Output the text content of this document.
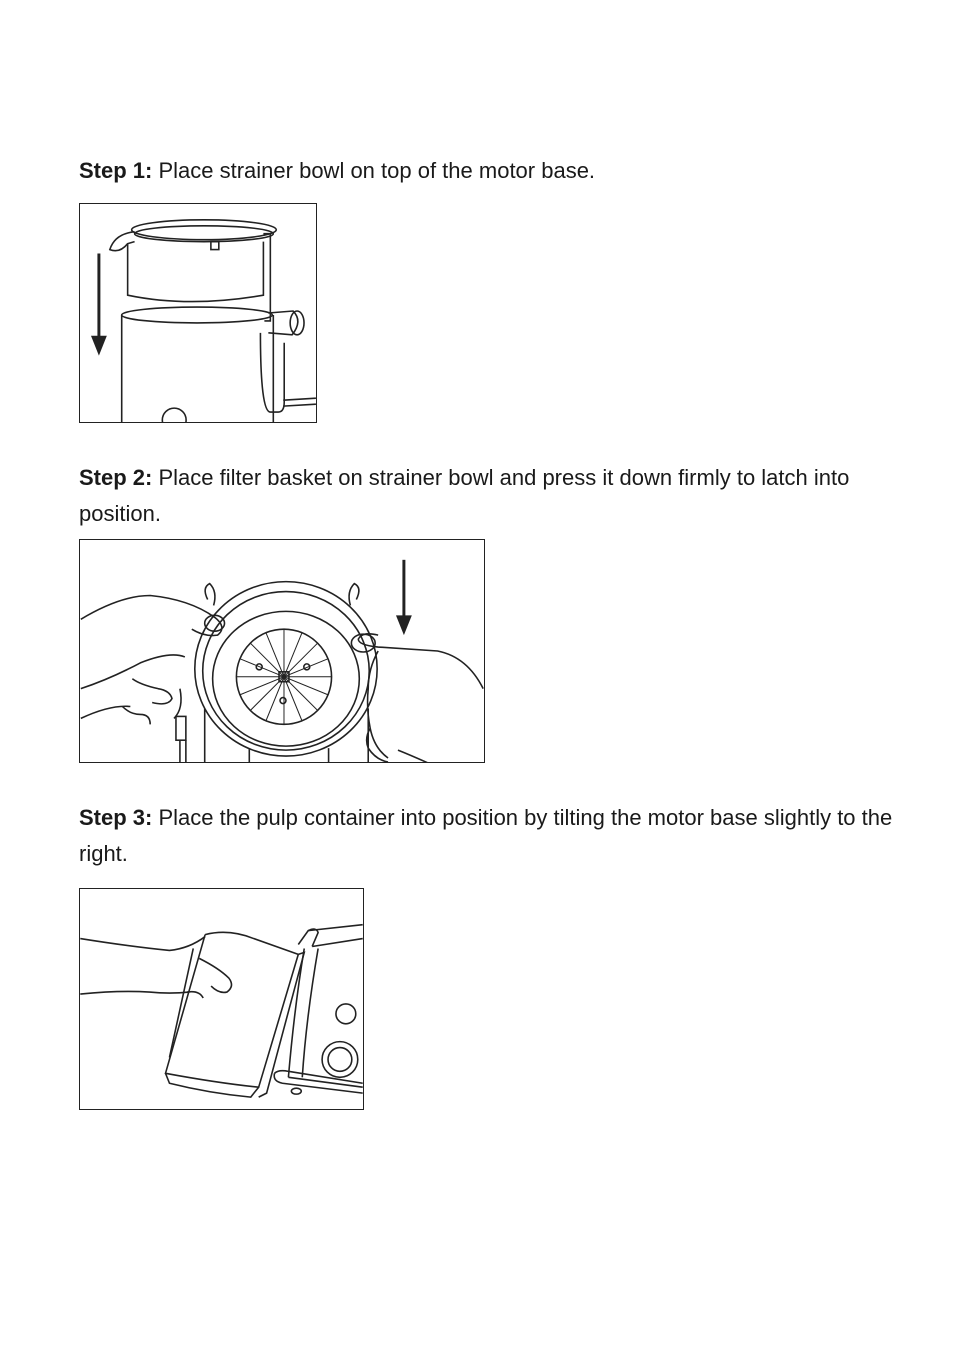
Step 1: Place strainer bowl on top of the motor base.

Step 2: Place filter basket on strainer bowl and press it down firmly to latch into position.

Step 3: Place the pulp container into position by tilting the motor base slightly to the right.
